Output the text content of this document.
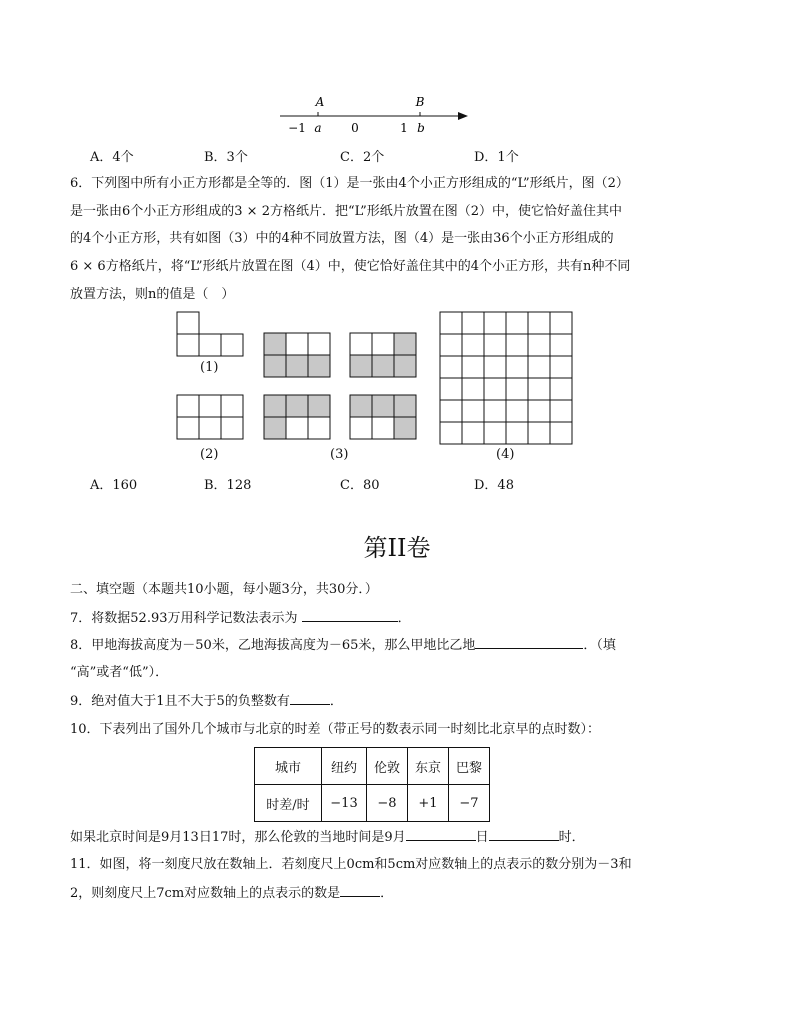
A	B
−1 a 0	1 b
A．4个	B．3个	C．2个	D．1个
6．下列图中所有小正方形都是全等的．图（1）是一张由4个小正方形组成的“L”形纸片，图（2）
是一张由6个小正方形组成的3 × 2方格纸片．把“L”形纸片放置在图（2）中，使它恰好盖住其中
的4个小正方形，共有如图（3）中的4种不同放置方法，图（4）是一张由36个小正方形组成的
6 × 6方格纸片，将“L”形纸片放置在图（4）中，使它恰好盖住其中的4个小正方形，共有n种不同
放置方法，则n的值是（　）
(1)
(2)	(3)	(4)
A．160	B．128	C．80	D．48
第II卷
二、填空题（本题共10小题，每小题3分，共30分．）
7．将数据52.93万用科学记数法表示为	．
8．甲地海拔高度为－50米，乙地海拔高度为－65米，那么甲地比乙地	．（填
“高”或者“低”）．
9．绝对值大于1且不大于5的负整数有	．
10．下表列出了国外几个城市与北京的时差（带正号的数表示同一时刻比北京早的点时数）：
城市	纽约	伦敦	东京	巴黎
时差/时	−13	−8	+1	−7
如果北京时间是9月13日17时，那么伦敦的当地时间是9月	日	时．
11．如图，将一刻度尺放在数轴上．若刻度尺上0cm和5cm对应数轴上的点表示的数分别为－3和
2，则刻度尺上7cm对应数轴上的点表示的数是	．
